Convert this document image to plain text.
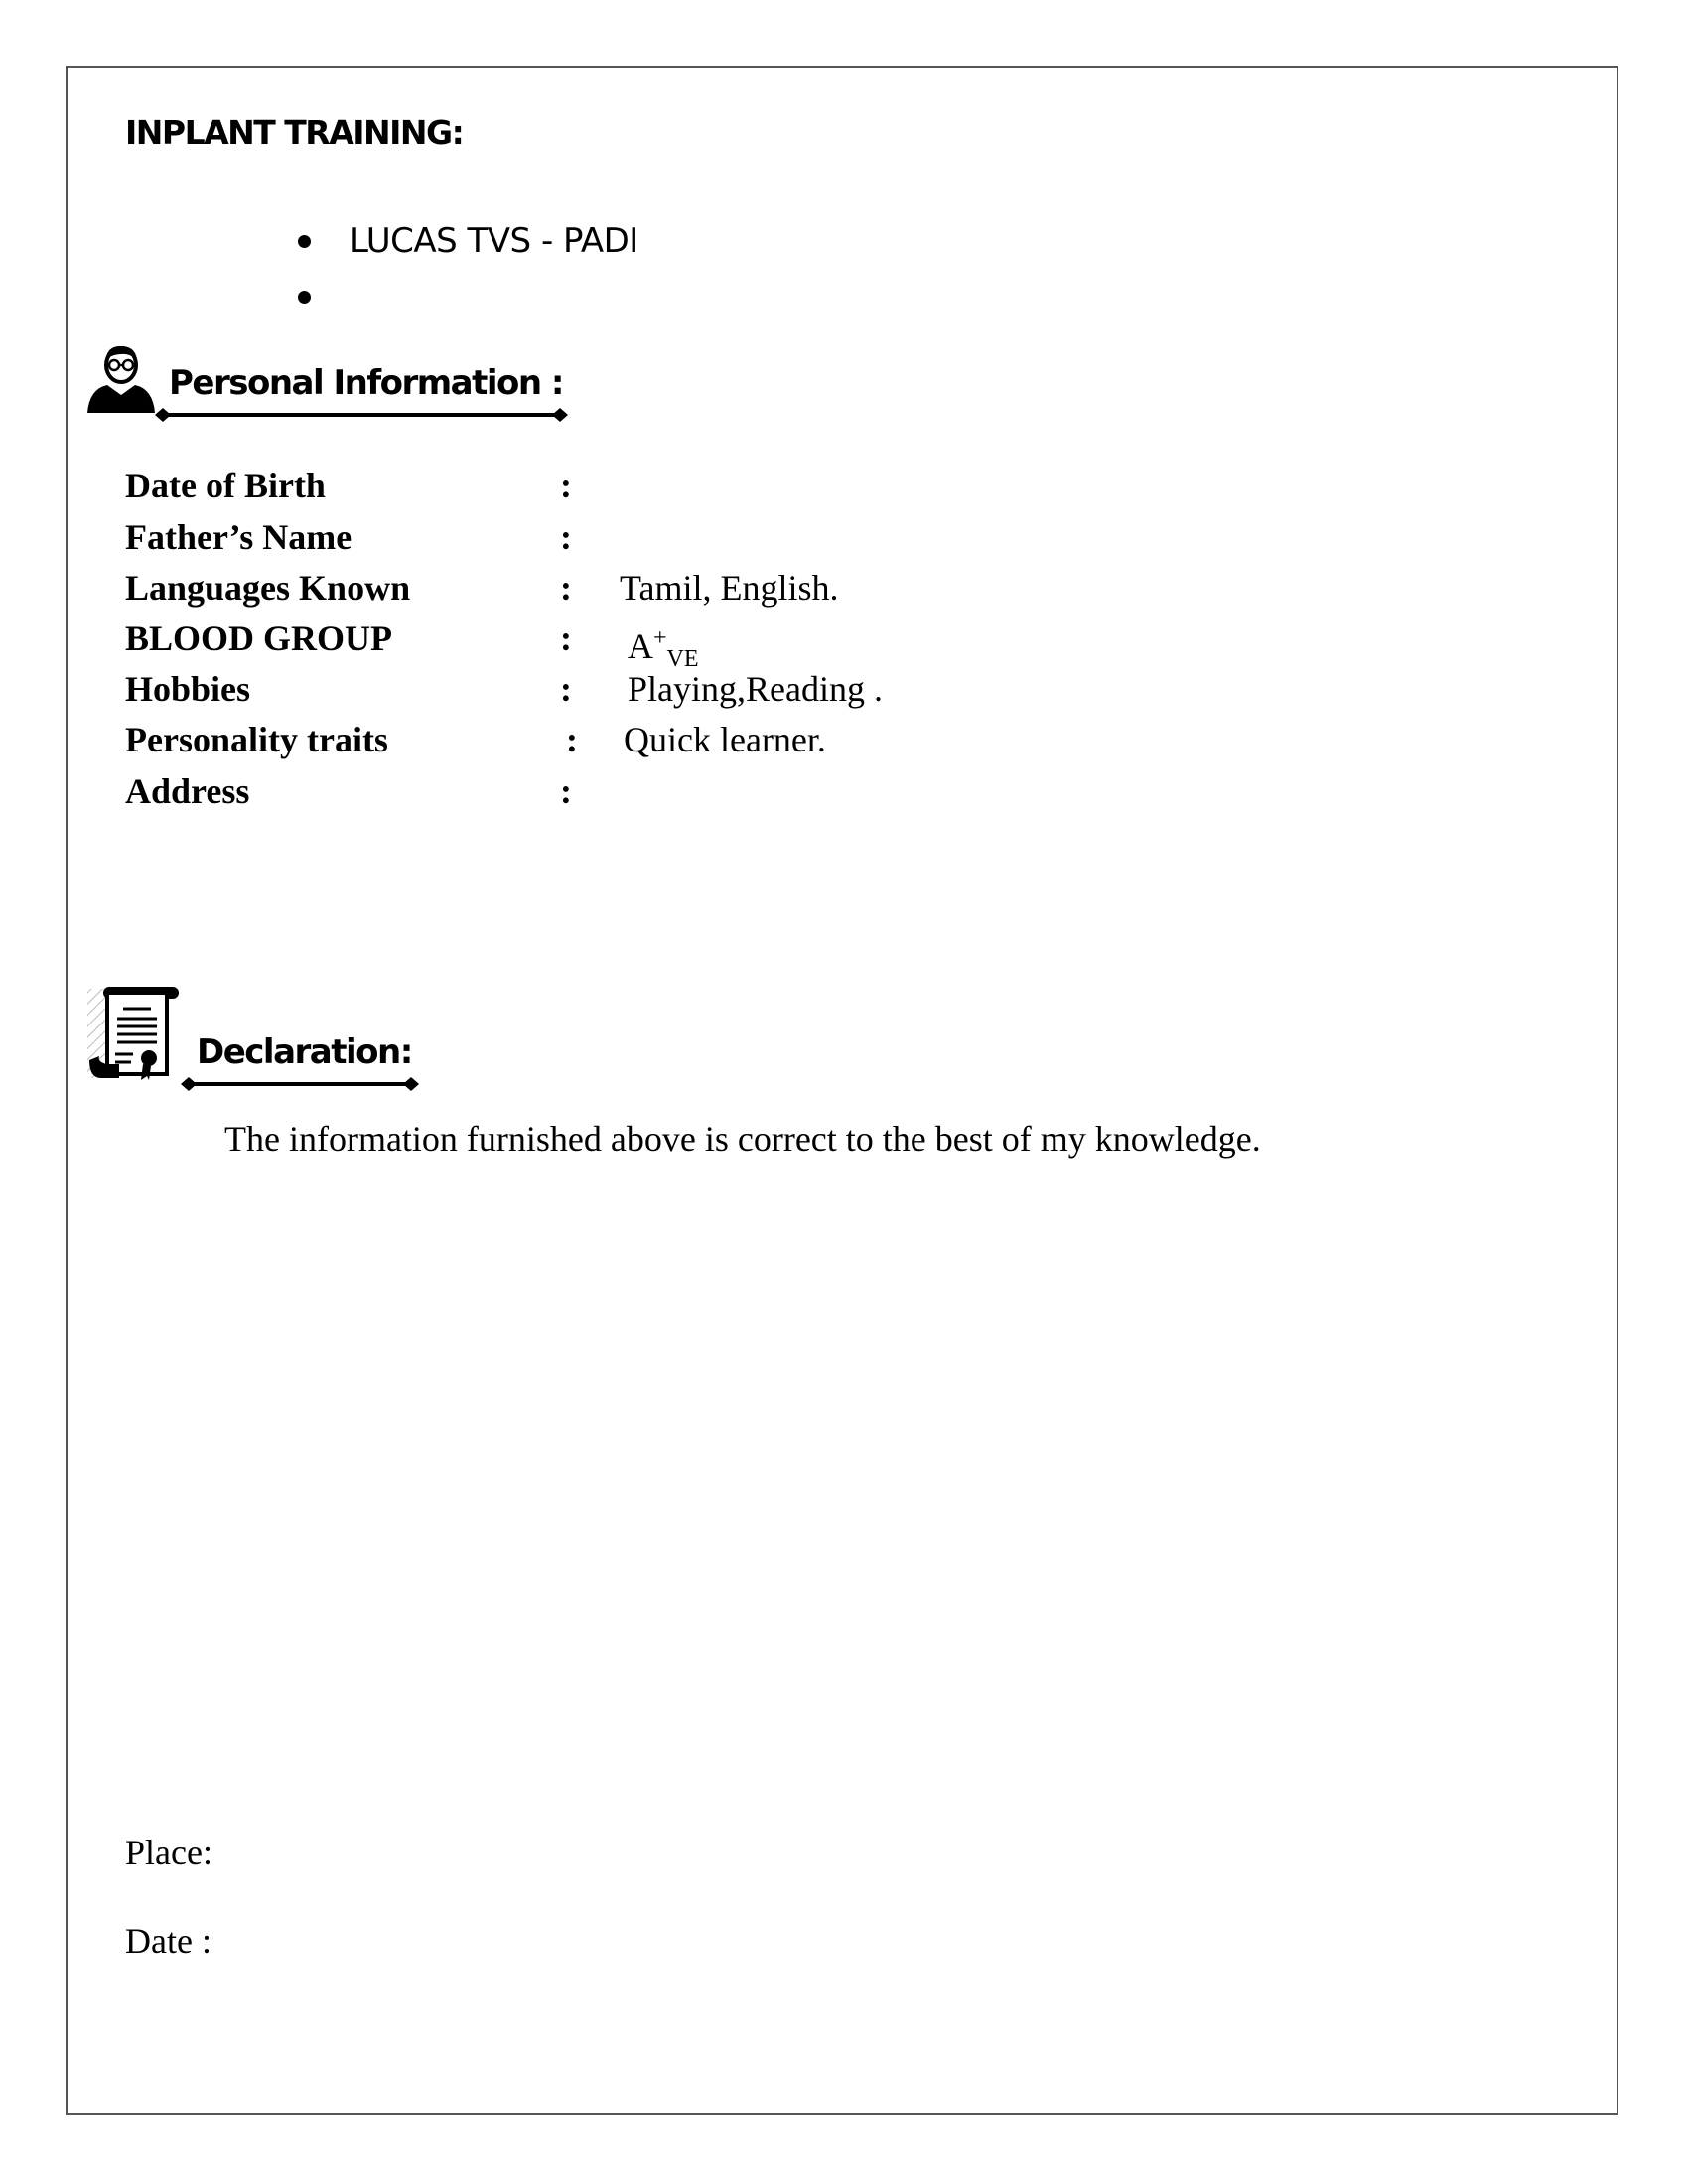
INPLANT TRAINING:
LUCAS TVS - PADI
Personal Information :
Date of Birth	:
Father’s Name	:
Languages Known	: Tamil, English.
BLOOD GROUP	: $A^+_{VE}$
Hobbies	: Playing,Reading .
Personality traits	: Quick learner.
Address	:
Declaration:
The information furnished above is correct to the best of my knowledge.
Place:
Date :
